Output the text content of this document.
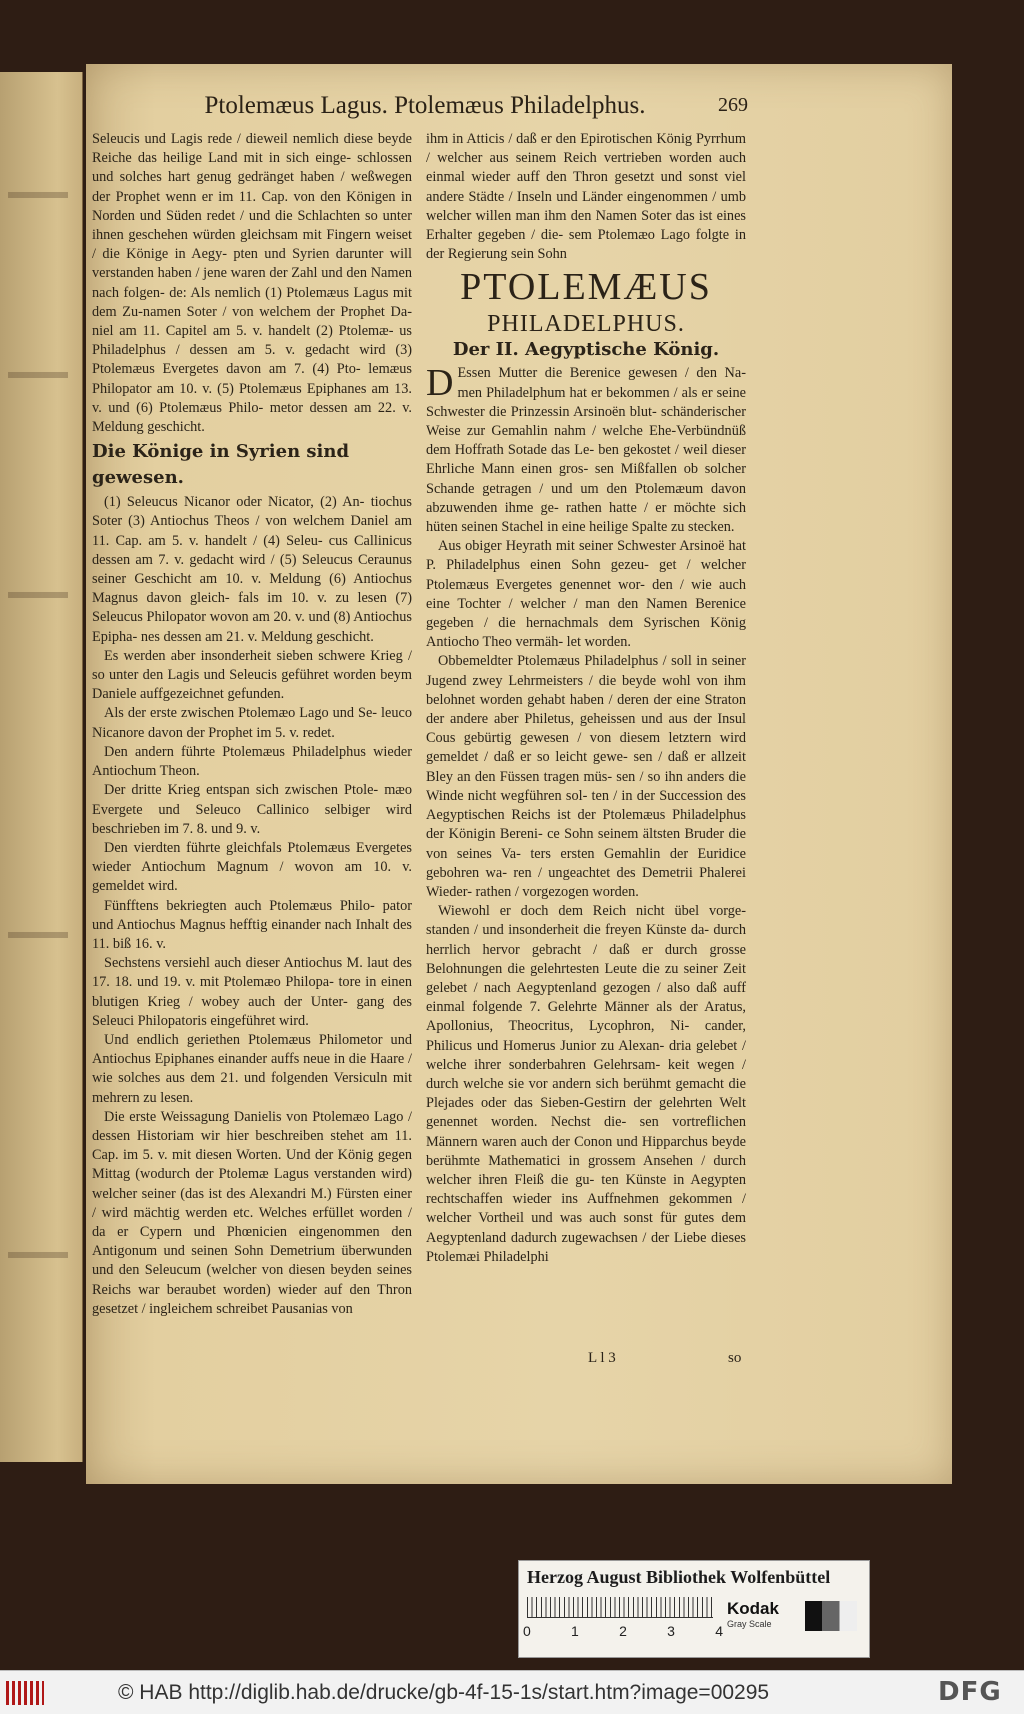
Ptolemæus Lagus. Ptolemæus Philadelphus.	269

Seleucis und Lagis rede / dieweil nemlich diese beyde Reiche das heilige Land mit in sich einge- schlossen und solches hart genug gedränget haben / weßwegen der Prophet wenn er im 11. Cap. von den Königen in Norden und Süden redet / und die Schlachten so unter ihnen geschehen würden gleichsam mit Fingern weiset / die Könige in Aegy- pten und Syrien darunter will verstanden haben / jene waren der Zahl und den Namen nach folgen- de: Als nemlich (1) Ptolemæus Lagus mit dem Zu-namen Soter / von welchem der Prophet Da- niel am 11. Capitel am 5. v. handelt (2) Ptolemæ- us Philadelphus / dessen am 5. v. gedacht wird (3) Ptolemæus Evergetes davon am 7. (4) Pto- lemæus Philopator am 10. v. (5) Ptolemæus Epiphanes am 13. v. und (6) Ptolemæus Philo- metor dessen am 22. v. Meldung geschicht.

Die Könige in Syrien sind gewesen.

(1) Seleucus Nicanor oder Nicator, (2) An- tiochus Soter (3) Antiochus Theos / von welchem Daniel am 11. Cap. am 5. v. handelt / (4) Seleu- cus Callinicus dessen am 7. v. gedacht wird / (5) Seleucus Ceraunus seiner Geschicht am 10. v. Meldung (6) Antiochus Magnus davon gleich- fals im 10. v. zu lesen (7) Seleucus Philopator wovon am 20. v. und (8) Antiochus Epipha- nes dessen am 21. v. Meldung geschicht.

Es werden aber insonderheit sieben schwere Krieg / so unter den Lagis und Seleucis geführet worden beym Daniele auffgezeichnet gefunden.

Als der erste zwischen Ptolemæo Lago und Se- leuco Nicanore davon der Prophet im 5. v. redet.

Den andern führte Ptolemæus Philadelphus wieder Antiochum Theon.

Der dritte Krieg entspan sich zwischen Ptole- mæo Evergete und Seleuco Callinico selbiger wird beschrieben im 7. 8. und 9. v.

Den vierdten führte gleichfals Ptolemæus Evergetes wieder Antiochum Magnum / wovon am 10. v. gemeldet wird.

Fünfftens bekriegten auch Ptolemæus Philo- pator und Antiochus Magnus hefftig einander nach Inhalt des 11. biß 16. v.

Sechstens versiehl auch dieser Antiochus M. laut des 17. 18. und 19. v. mit Ptolemæo Philopa- tore in einen blutigen Krieg / wobey auch der Unter- gang des Seleuci Philopatoris eingeführet wird.

Und endlich geriethen Ptolemæus Philometor und Antiochus Epiphanes einander auffs neue in die Haare / wie solches aus dem 21. und folgenden Versiculn mit mehrern zu lesen.

Die erste Weissagung Danielis von Ptolemæo Lago / dessen Historiam wir hier beschreiben stehet am 11. Cap. im 5. v. mit diesen Worten. Und der König gegen Mittag (wodurch der Ptolemæ Lagus verstanden wird) welcher seiner (das ist des Alexandri M.) Fürsten einer / wird mächtig werden etc. Welches erfüllet worden / da er Cypern und Phœnicien eingenommen den Antigonum und seinen Sohn Demetrium überwunden und den Seleucum (welcher von diesen beyden seines Reichs war beraubet worden) wieder auf den Thron gesetzet / ingleichem schreibet Pausanias von

ihm in Atticis / daß er den Epirotischen König Pyrrhum / welcher aus seinem Reich vertrieben worden auch einmal wieder auff den Thron gesetzt und sonst viel andere Städte / Inseln und Länder eingenommen / umb welcher willen man ihm den Namen Soter das ist eines Erhalter gegeben / die- sem Ptolemæo Lago folgte in der Regierung sein Sohn

PTOLEMÆUS

PHILADELPHUS.

Der II. Aegyptische König.

D Essen Mutter die Berenice gewesen / den Na- men Philadelphum hat er bekommen / als er seine Schwester die Prinzessin Arsinoën blut- schänderischer Weise zur Gemahlin nahm / welche Ehe-Verbündnüß dem Hoffrath Sotade das Le- ben gekostet / weil dieser Ehrliche Mann einen gros- sen Mißfallen ob solcher Schande getragen / und um den Ptolemæum davon abzuwenden ihme ge- rathen hatte / er möchte sich hüten seinen Stachel in eine heilige Spalte zu stecken.

Aus obiger Heyrath mit seiner Schwester Arsinoë hat P. Philadelphus einen Sohn gezeu- get / welcher Ptolemæus Evergetes genennet wor- den / wie auch eine Tochter / welcher / man den Namen Berenice gegeben / die hernachmals dem Syrischen König Antiocho Theo vermäh- let worden.

Obbemeldter Ptolemæus Philadelphus / soll in seiner Jugend zwey Lehrmeisters / die beyde wohl von ihm belohnet worden gehabt haben / deren der eine Straton der andere aber Philetus, geheissen und aus der Insul Cous gebürtig gewesen / von diesem letztern wird gemeldet / daß er so leicht gewe- sen / daß er allzeit Bley an den Füssen tragen müs- sen / so ihn anders die Winde nicht wegführen sol- ten / in der Succession des Aegyptischen Reichs ist der Ptolemæus Philadelphus der Königin Bereni- ce Sohn seinem ältsten Bruder die von seines Va- ters ersten Gemahlin der Euridice gebohren wa- ren / ungeachtet des Demetrii Phalerei Wieder- rathen / vorgezogen worden.

Wiewohl er doch dem Reich nicht übel vorge- standen / und insonderheit die freyen Künste da- durch herrlich hervor gebracht / daß er durch grosse Belohnungen die gelehrtesten Leute die zu seiner Zeit gelebet / nach Aegyptenland gezogen / also daß auff einmal folgende 7. Gelehrte Männer als der Aratus, Apollonius, Theocritus, Lycophron, Ni- cander, Philicus und Homerus Junior zu Alexan- dria gelebet / welche ihrer sonderbahren Gelehrsam- keit wegen / durch welche sie vor andern sich berühmt gemacht die Plejades oder das Sieben-Gestirn der gelehrten Welt genennet worden. Nechst die- sen vortreflichen Männern waren auch der Conon und Hipparchus beyde berühmte Mathematici in grossem Ansehen / durch welcher ihren Fleiß die gu- ten Künste in Aegypten rechtschaffen wieder ins Auffnehmen gekommen / welcher Vortheil und was auch sonst für gutes dem Aegyptenland dadurch zugewachsen / der Liebe dieses Ptolemæi Philadelphi

L l 3	so
Herzog August Bibliothek Wolfenbüttel
0	1	2	3	4
Kodak
Gray Scale
© HAB http://diglib.hab.de/drucke/gb-4f-15-1s/start.htm?image=00295	DFG
